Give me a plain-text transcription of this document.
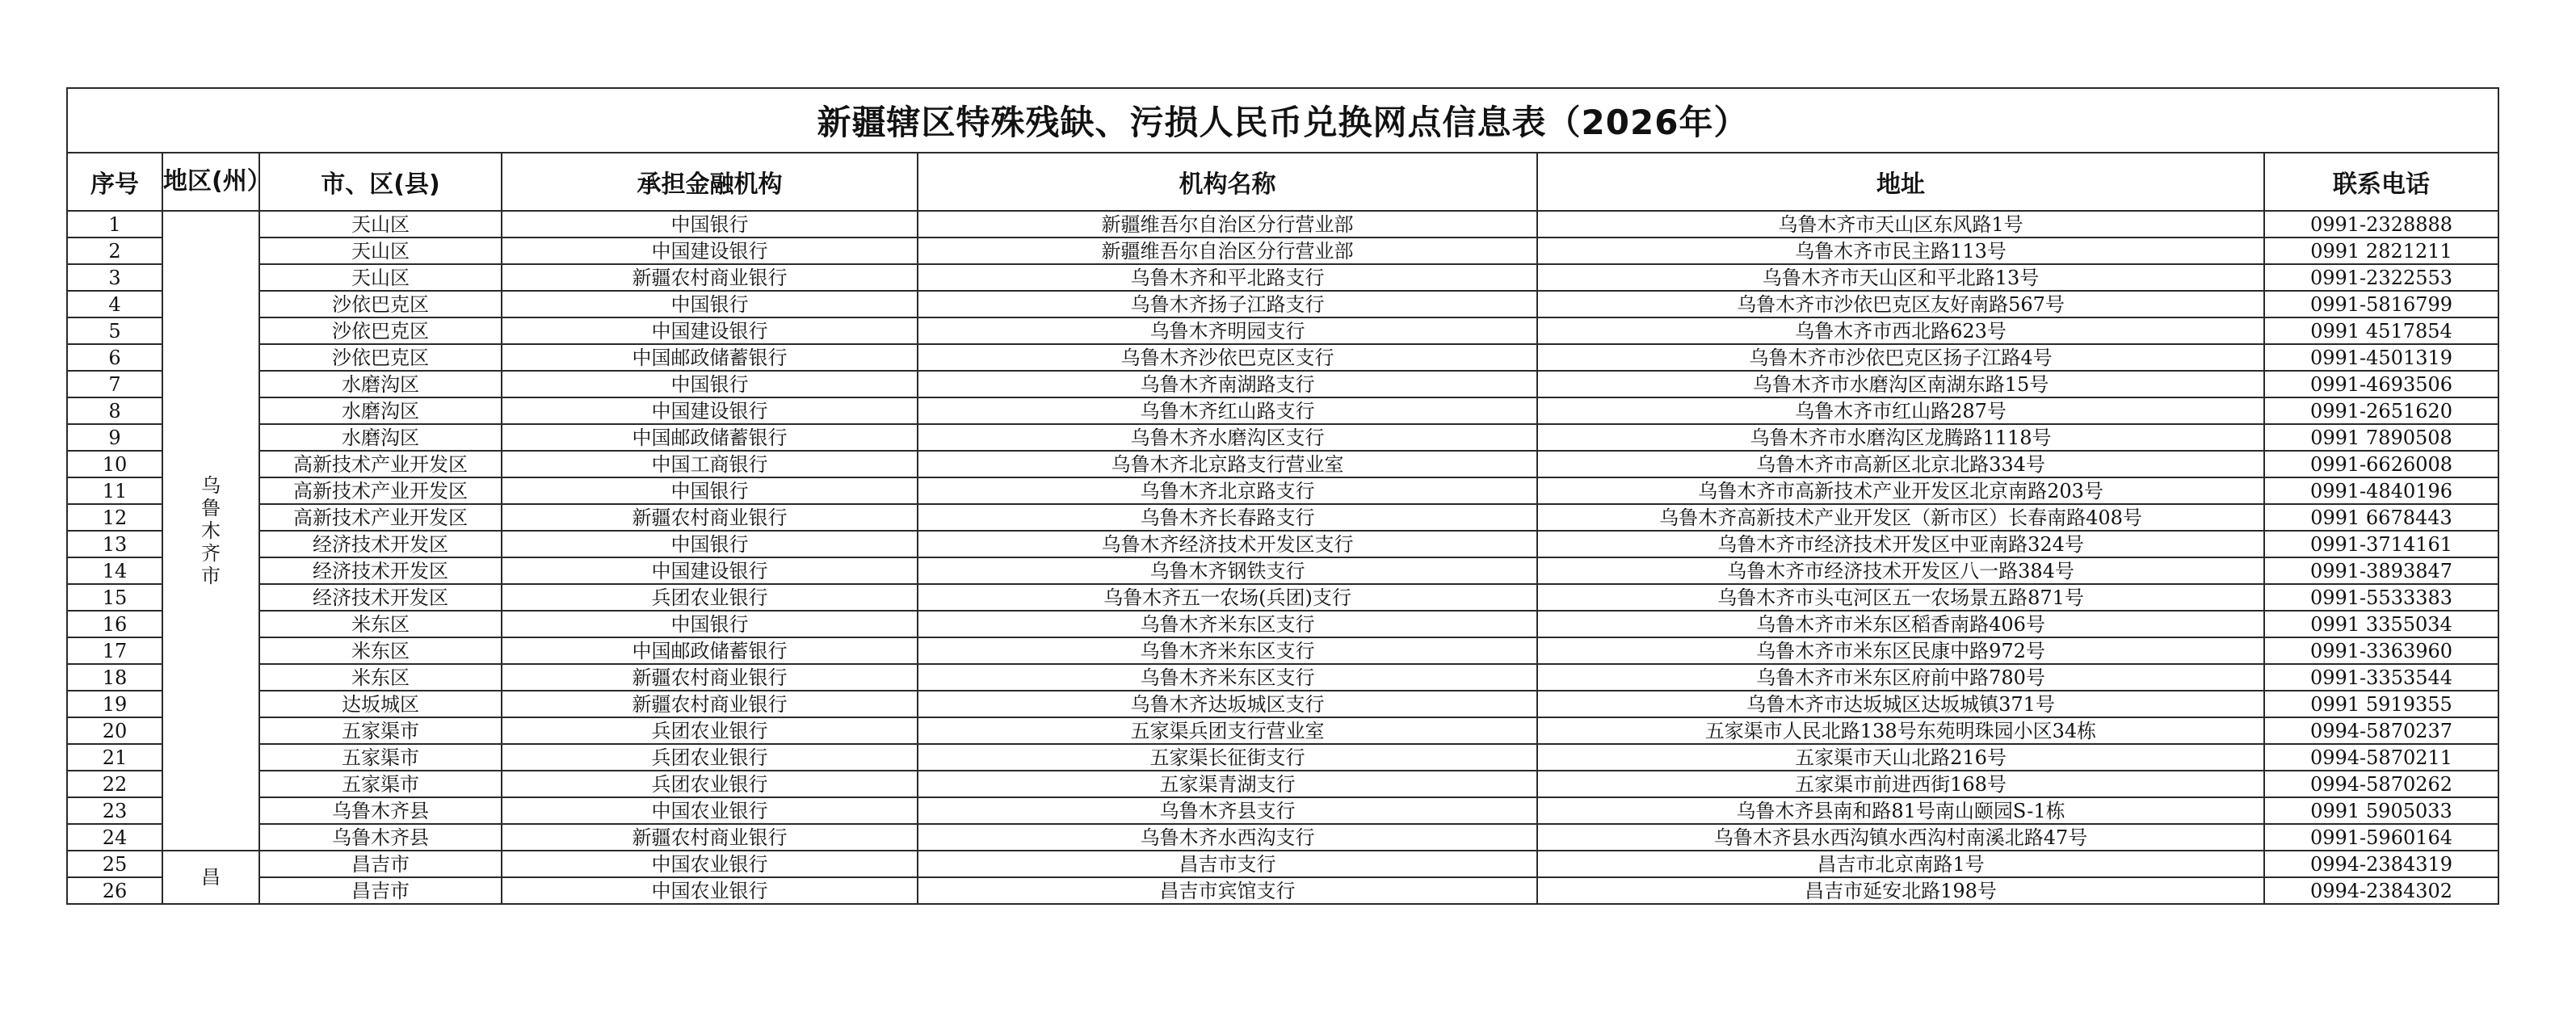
新疆辖区特殊残缺、污损人民币兑换网点信息表（2026年）						
序号	地区(州）	市、区(县)	承担金融机构	机构名称	地址	联系电话
1	乌鲁木齐市	天山区	中国银行	新疆维吾尔自治区分行营业部	乌鲁木齐市天山区东风路1号	0991-2328888
2		天山区	中国建设银行	新疆维吾尔自治区分行营业部	乌鲁木齐市民主路113号	0991 2821211
3		天山区	新疆农村商业银行	乌鲁木齐和平北路支行	乌鲁木齐市天山区和平北路13号	0991-2322553
4		沙依巴克区	中国银行	乌鲁木齐扬子江路支行	乌鲁木齐市沙依巴克区友好南路567号	0991-5816799
5		沙依巴克区	中国建设银行	乌鲁木齐明园支行	乌鲁木齐市西北路623号	0991 4517854
6		沙依巴克区	中国邮政储蓄银行	乌鲁木齐沙依巴克区支行	乌鲁木齐市沙依巴克区扬子江路4号	0991-4501319
7		水磨沟区	中国银行	乌鲁木齐南湖路支行	乌鲁木齐市水磨沟区南湖东路15号	0991-4693506
8		水磨沟区	中国建设银行	乌鲁木齐红山路支行	乌鲁木齐市红山路287号	0991-2651620
9		水磨沟区	中国邮政储蓄银行	乌鲁木齐水磨沟区支行	乌鲁木齐市水磨沟区龙腾路1118号	0991 7890508
10		高新技术产业开发区	中国工商银行	乌鲁木齐北京路支行营业室	乌鲁木齐市高新区北京北路334号	0991-6626008
11		高新技术产业开发区	中国银行	乌鲁木齐北京路支行	乌鲁木齐市高新技术产业开发区北京南路203号	0991-4840196
12		高新技术产业开发区	新疆农村商业银行	乌鲁木齐长春路支行	乌鲁木齐高新技术产业开发区（新市区）长春南路408号	0991 6678443
13		经济技术开发区	中国银行	乌鲁木齐经济技术开发区支行	乌鲁木齐市经济技术开发区中亚南路324号	0991-3714161
14		经济技术开发区	中国建设银行	乌鲁木齐钢铁支行	乌鲁木齐市经济技术开发区八一路384号	0991-3893847
15		经济技术开发区	兵团农业银行	乌鲁木齐五一农场(兵团)支行	乌鲁木齐市头屯河区五一农场景五路871号	0991-5533383
16		米东区	中国银行	乌鲁木齐米东区支行	乌鲁木齐市米东区稻香南路406号	0991 3355034
17		米东区	中国邮政储蓄银行	乌鲁木齐米东区支行	乌鲁木齐市米东区民康中路972号	0991-3363960
18		米东区	新疆农村商业银行	乌鲁木齐米东区支行	乌鲁木齐市米东区府前中路780号	0991-3353544
19		达坂城区	新疆农村商业银行	乌鲁木齐达坂城区支行	乌鲁木齐市达坂城区达坂城镇371号	0991 5919355
20		五家渠市	兵团农业银行	五家渠兵团支行营业室	五家渠市人民北路138号东苑明珠园小区34栋	0994-5870237
21		五家渠市	兵团农业银行	五家渠长征街支行	五家渠市天山北路216号	0994-5870211
22		五家渠市	兵团农业银行	五家渠青湖支行	五家渠市前进西街168号	0994-5870262
23		乌鲁木齐县	中国农业银行	乌鲁木齐县支行	乌鲁木齐县南和路81号南山颐园S-1栋	0991 5905033
24		乌鲁木齐县	新疆农村商业银行	乌鲁木齐水西沟支行	乌鲁木齐县水西沟镇水西沟村南溪北路47号	0991-5960164
25	昌	昌吉市	中国农业银行	昌吉市支行	昌吉市北京南路1号	0994-2384319
26		昌吉市	中国农业银行	昌吉市宾馆支行	昌吉市延安北路198号	0994-2384302
